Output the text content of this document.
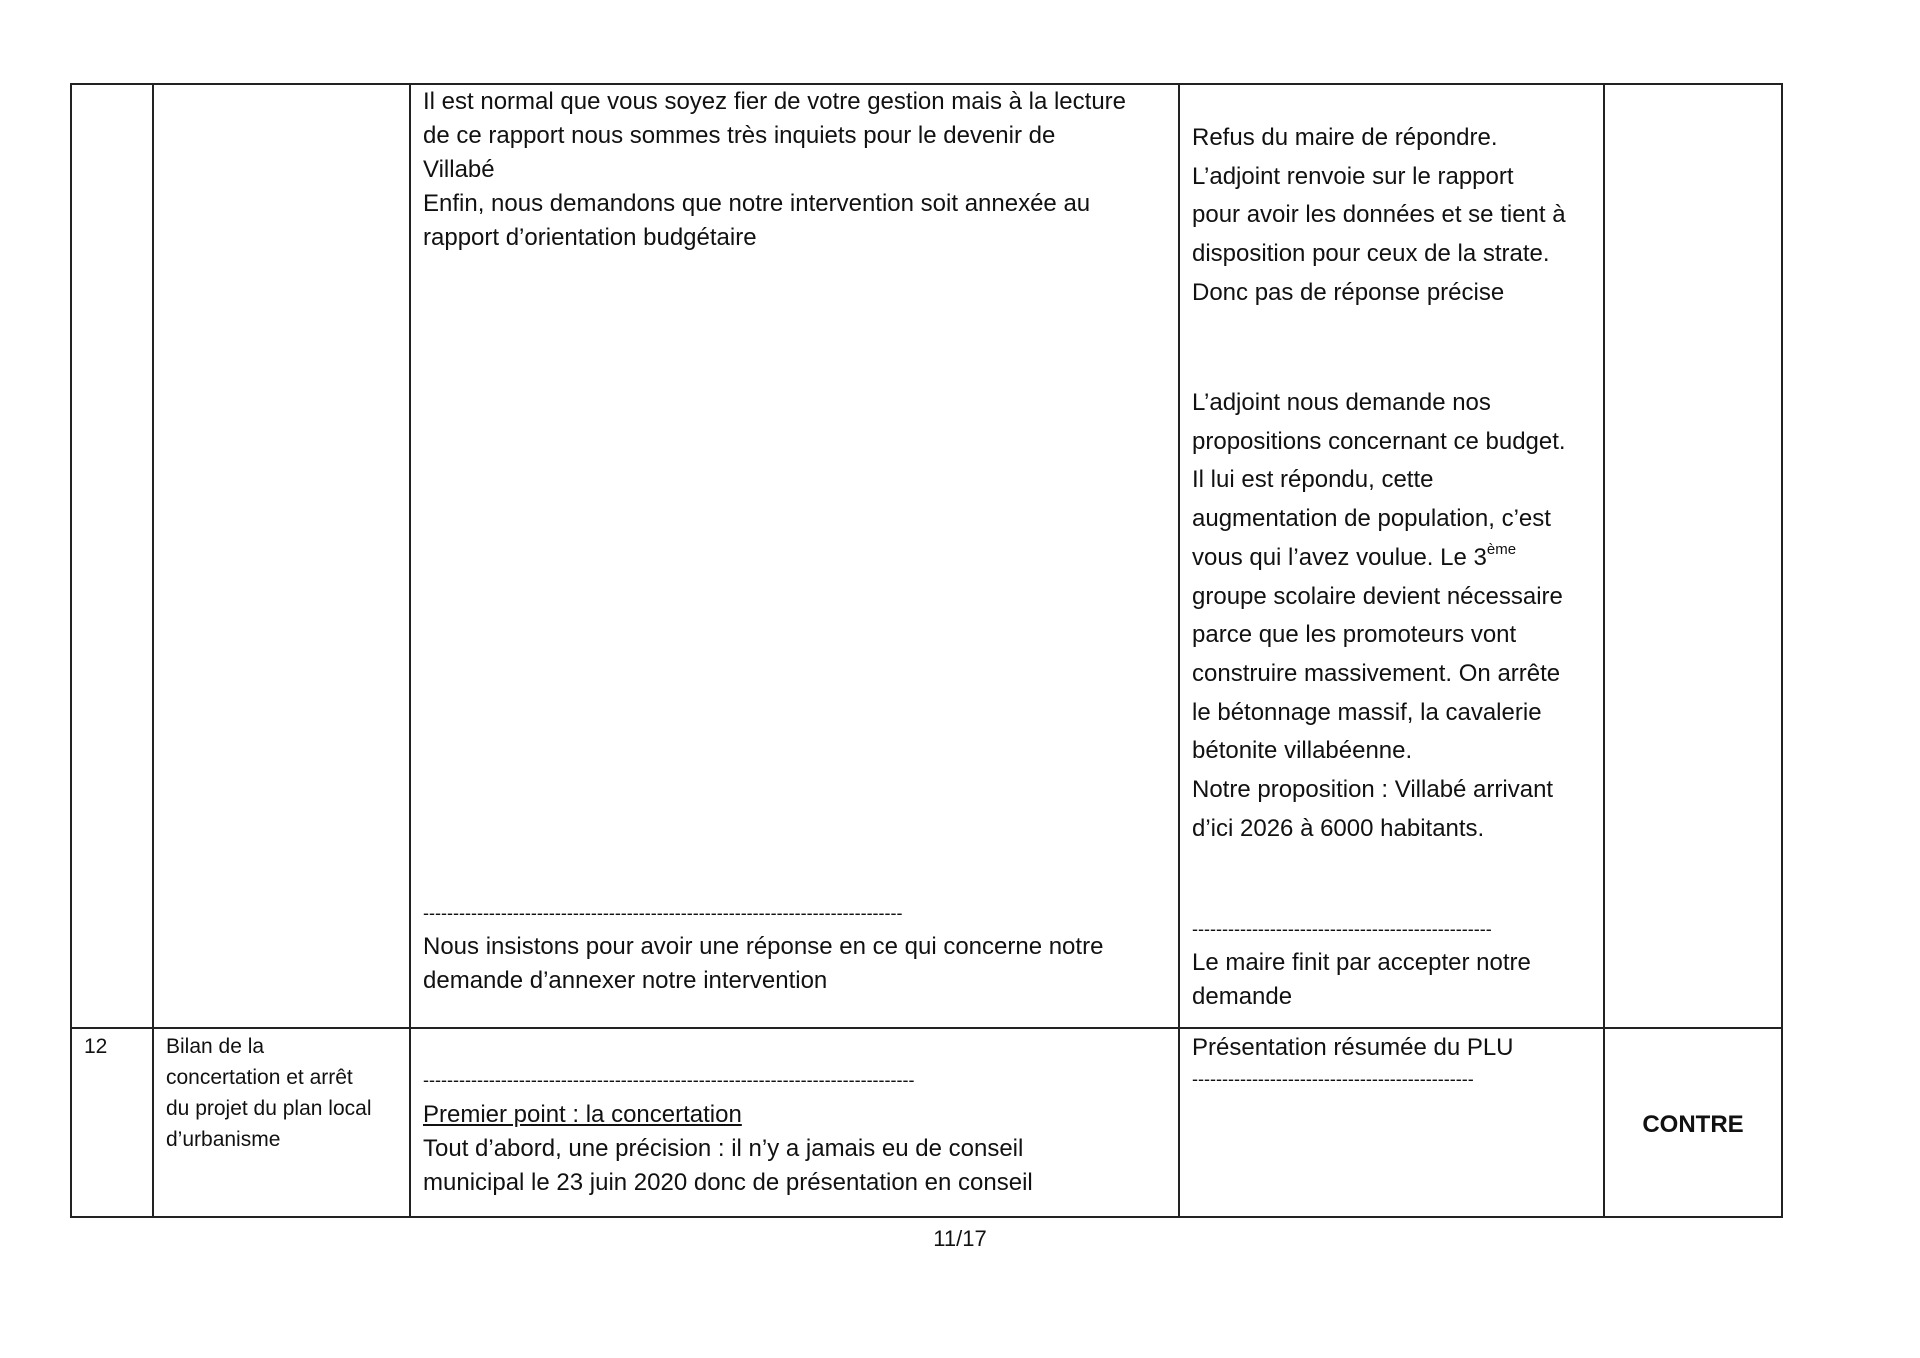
Il est normal que vous soyez fier de votre gestion mais à la lecture

de ce rapport nous sommes très inquiets pour le devenir de

Villabé

Enfin, nous demandons que notre intervention soit annexée au

rapport d’orientation budgétaire

--------------------------------------------------------------------------------

Nous insistons pour avoir une réponse en ce qui concerne notre

demande d’annexer notre intervention

Refus du maire de répondre.

L’adjoint renvoie sur le rapport

pour avoir les données et se tient à

disposition pour ceux de la strate.

Donc pas de réponse précise

L’adjoint nous demande nos

propositions concernant ce budget.

Il lui est répondu, cette

augmentation de population, c’est

vous qui l’avez voulue. Le 3ème

groupe scolaire devient nécessaire

parce que les promoteurs vont

construire massivement. On arrête

le bétonnage massif, la cavalerie

bétonite villabéenne.

Notre proposition : Villabé arrivant

d’ici 2026 à 6000 habitants.

--------------------------------------------------

Le maire finit par accepter notre

demande

12	Bilan de la

concertation et arrêt

du projet du plan local

d’urbanisme

----------------------------------------------------------------------------------

Premier point : la concertation

Tout d’abord, une précision : il n’y a jamais eu de conseil

municipal le 23 juin 2020 donc de présentation en conseil

Présentation résumée du PLU
-----------------------------------------------
CONTRE
11/17
